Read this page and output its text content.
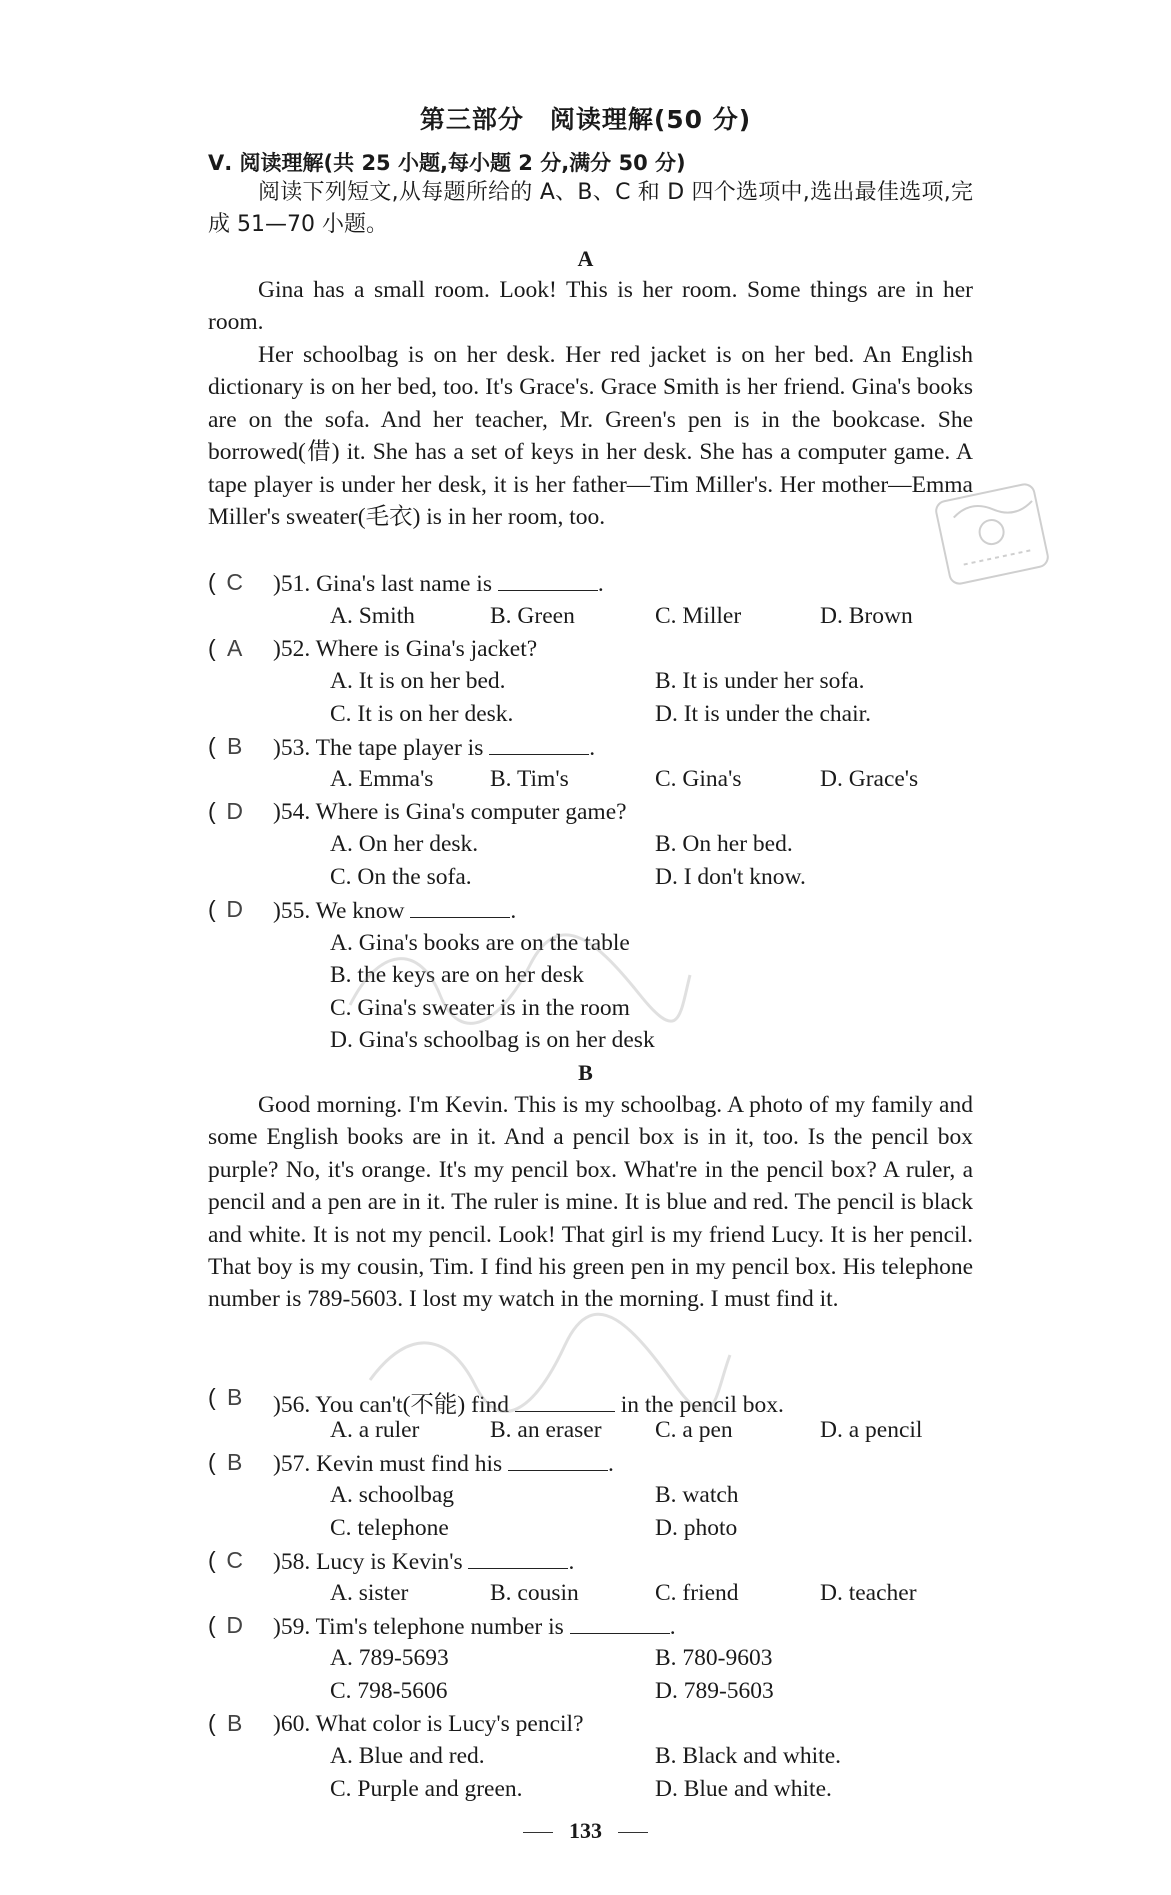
第三部分　阅读理解(50 分)
Ⅴ. 阅读理解(共 25 小题,每小题 2 分,满分 50 分)

阅读下列短文,从每题所给的 A、B、C 和 D 四个选项中,选出最佳选项,完成 51—70 小题。

A

Gina has a small room. Look! This is her room. Some things are in her room.

Her schoolbag is on her desk. Her red jacket is on her bed. An English dictionary is on her bed, too. It's Grace's. Grace Smith is her friend. Gina's books are on the sofa. And her teacher, Mr. Green's pen is in the bookcase. She borrowed(借) it. She has a set of keys in her desk. She has a computer game. A tape player is under her desk, it is her father—Tim Miller's. Her mother—Emma Miller's sweater(毛衣) is in her room, too.

( C	)51. Gina's last name is	.
A. Smith	B. Green	C. Miller	D. Brown
( A	)52. Where is Gina's jacket?
A. It is on her bed.	B. It is under her sofa.
C. It is on her desk.	D. It is under the chair.
( B	)53. The tape player is	.
A. Emma's B. Tim's	C. Gina's	D. Grace's
( D	)54. Where is Gina's computer game?
A. On her desk.	B. On her bed.
C. On the sofa.	D. I don't know.
( D	)55. We know	.
A. Gina's books are on the table
B. the keys are on her desk
C. Gina's sweater is in the room
D. Gina's schoolbag is on her desk
B

Good morning. I'm Kevin. This is my schoolbag. A photo of my family and some English books are in it. And a pencil box is in it, too. Is the pencil box purple? No, it's orange. It's my pencil box. What're in the pencil box? A ruler, a pencil and a pen are in it. The ruler is mine. It is blue and red. The pencil is black and white. It is not my pencil. Look! That girl is my friend Lucy. It is her pencil. That boy is my cousin, Tim. I find his green pen in my pencil box. His telephone number is 789-5603. I lost my watch in the morning. I must find it.

( B	)56. You can't(不能) find	in the pencil box.
A. a ruler	B. an eraser C. a pen	D. a pencil
( B	)57. Kevin must find his	.
A. schoolbag	B. watch
C. telephone	D. photo
( C	)58. Lucy is Kevin's	.
A. sister	B. cousin	C. friend	D. teacher
( D	)59. Tim's telephone number is	.
A. 789-5693	B. 780-9603
C. 798-5606	D. 789-5603
( B	)60. What color is Lucy's pencil?
A. Blue and red.	B. Black and white.
C. Purple and green.	D. Blue and white.
133
